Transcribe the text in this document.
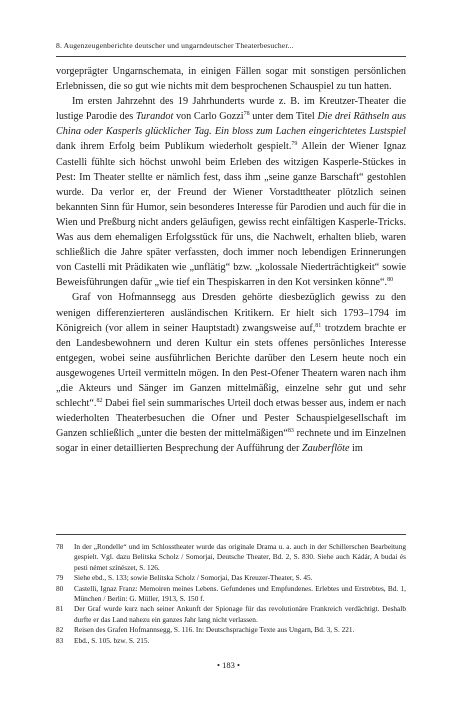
8. Augenzeugenberichte deutscher und ungarndeutscher Theaterbesucher...

vorgeprägter Ungarnschemata, in einigen Fällen sogar mit sonstigen persönlichen Erlebnissen, die so gut wie nichts mit dem besprochenen Schauspiel zu tun hatten.

Im ersten Jahrzehnt des 19 Jahrhunderts wurde z. B. im Kreutzer-Theater die lustige Parodie des Turandot von Carlo Gozzi$^{78}$ unter dem Titel Die drei Räthseln aus China oder Kasperls glücklicher Tag. Ein bloss zum Lachen eingerichtetes Lustspiel dank ihrem Erfolg beim Publikum wiederholt gespielt.$^{79}$ Allein der Wiener Ignaz Castelli fühlte sich höchst unwohl beim Erleben des witzigen Kasperle-Stückes in Pest: Im Theater stellte er nämlich fest, dass ihm „seine ganze Barschaft“ gestohlen wurde. Da verlor er, der Freund der Wiener Vorstadttheater plötzlich seinen bekannten Sinn für Humor, sein besonderes Interesse für Parodien und auch für die in Wien und Preßburg nicht anders geläufigen, gewiss recht einfältigen Kasperle-Tricks. Was aus dem ehemaligen Erfolgsstück für uns, die Nachwelt, erhalten blieb, waren schließlich die Jahre später verfassten, doch immer noch lebendigen Erinnerungen von Castelli mit Prädikaten wie „unflätig“ bzw. „kolossale Niederträchtigkeit“ sowie Beweisführungen dafür „wie tief ein Thespiskarren in den Kot versinken könne“.$^{80}$

Graf von Hofmannsegg aus Dresden gehörte diesbezüglich gewiss zu den wenigen differenzierteren ausländischen Kritikern. Er hielt sich 1793–1794 im Königreich (vor allem in seiner Hauptstadt) zwangsweise auf,$^{81}$ trotzdem brachte er den Landesbewohnern und deren Kultur ein stets offenes persönliches Interesse entgegen, wobei seine ausführlichen Berichte darüber den Lesern heute noch ein ausgewogenes Urteil vermitteln mögen. In den Pest-Ofener Theatern waren nach ihm „die Akteurs und Sänger im Ganzen mittelmäßig, einzelne sehr gut und sehr schlecht“.$^{82}$ Dabei fiel sein summarisches Urteil doch etwas besser aus, indem er nach wiederholten Theaterbesuchen die Ofner und Pester Schauspielgesellschaft im Ganzen schließlich „unter die besten der mittelmäßigen“$^{83}$ rechnete und im Einzelnen sogar in einer detaillierten Besprechung der Aufführung der Zauberflöte im

78	In der „Rondelle“ und im Schlosstheater wurde das originale Drama u. a. auch in der Schillerschen Bearbeitung gespielt. Vgl. dazu Belitska Scholz / Somorjai, Deutsche Theater, Bd. 2, S. 830. Siehe auch Kádár, A budai és pesti német színészet, S. 126.
79	Siehe ebd., S. 133; sowie Belitska Scholz / Somorjai, Das Kreuzer-Theater, S. 45.
80	Castelli, Ignaz Franz: Memoiren meines Lebens. Gefundenes und Empfundenes. Erlebtes und Erstrebtes, Bd. 1, München / Berlin: G. Müller, 1913, S. 150 f.
81	Der Graf wurde kurz nach seiner Ankunft der Spionage für das revolutionäre Frankreich verdächtigt. Deshalb durfte er das Land nahezu ein ganzes Jahr lang nicht verlassen.
82	Reisen des Grafen Hofmannsegg, S. 116. In: Deutschsprachige Texte aus Ungarn, Bd. 3, S. 221.
83	Ebd., S. 105. bzw. S. 215.
• 183 •
